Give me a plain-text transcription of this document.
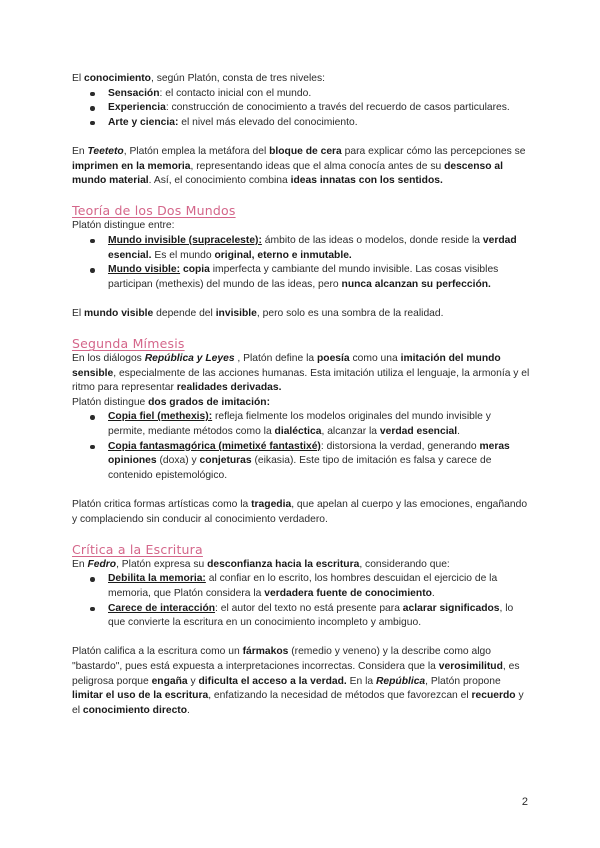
El conocimiento, según Platón, consta de tres niveles:

Sensación: el contacto inicial con el mundo.
Experiencia: construcción de conocimiento a través del recuerdo de casos particulares.
Arte y ciencia: el nivel más elevado del conocimiento.

En Teeteto, Platón emplea la metáfora del bloque de cera para explicar cómo las percepciones se imprimen en la memoria, representando ideas que el alma conocía antes de su descenso al mundo material. Así, el conocimiento combina ideas innatas con los sentidos.

Teoría de los Dos Mundos

Platón distingue entre:

Mundo invisible (supraceleste): ámbito de las ideas o modelos, donde reside la verdad esencial. Es el mundo original, eterno e inmutable.
Mundo visible: copia imperfecta y cambiante del mundo invisible. Las cosas visibles participan (methexis) del mundo de las ideas, pero nunca alcanzan su perfección.

El mundo visible depende del invisible, pero solo es una sombra de la realidad.

Segunda Mímesis

En los diálogos República y Leyes , Platón define la poesía como una imitación del mundo sensible, especialmente de las acciones humanas. Esta imitación utiliza el lenguaje, la armonía y el ritmo para representar realidades derivadas.

Platón distingue dos grados de imitación:

Copia fiel (methexis): refleja fielmente los modelos originales del mundo invisible y permite, mediante métodos como la dialéctica, alcanzar la verdad esencial.
Copia fantasmagórica (mimetixé fantastixé): distorsiona la verdad, generando meras opiniones (doxa) y conjeturas (eikasia). Este tipo de imitación es falsa y carece de contenido epistemológico.

Platón critica formas artísticas como la tragedia, que apelan al cuerpo y las emociones, engañando y complaciendo sin conducir al conocimiento verdadero.

Crítica a la Escritura

En Fedro, Platón expresa su desconfianza hacia la escritura, considerando que:

Debilita la memoria: al confiar en lo escrito, los hombres descuidan el ejercicio de la memoria, que Platón considera la verdadera fuente de conocimiento.
Carece de interacción: el autor del texto no está presente para aclarar significados, lo que convierte la escritura en un conocimiento incompleto y ambiguo.

Platón califica a la escritura como un fármakos (remedio y veneno) y la describe como algo "bastardo", pues está expuesta a interpretaciones incorrectas. Considera que la verosimilitud, es peligrosa porque engaña y dificulta el acceso a la verdad. En la República, Platón propone limitar el uso de la escritura, enfatizando la necesidad de métodos que favorezcan el recuerdo y el conocimiento directo.

2
